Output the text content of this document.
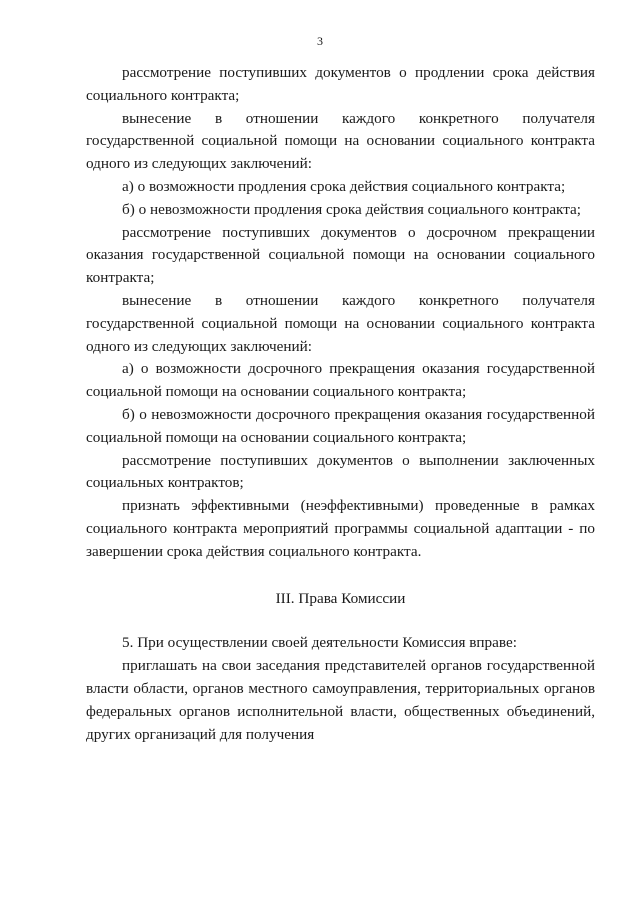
3

рассмотрение поступивших документов о продлении срока действия социального контракта;

вынесение в отношении каждого конкретного получателя государственной социальной помощи на основании социального контракта одного из следующих заключений:

а) о возможности продления срока действия социального контракта;

б) о невозможности продления срока действия социального контракта;

рассмотрение поступивших документов о досрочном прекращении оказания государственной социальной помощи на основании социального контракта;

вынесение в отношении каждого конкретного получателя государственной социальной помощи на основании социального контракта одного из следующих заключений:

а) о возможности досрочного прекращения оказания государственной социальной помощи на основании социального контракта;

б) о невозможности досрочного прекращения оказания государственной социальной помощи на основании социального контракта;

рассмотрение поступивших документов о выполнении заключенных социальных контрактов;

признать эффективными (неэффективными) проведенные в рамках социального контракта мероприятий программы социальной адаптации - по завершении срока действия социального контракта.

III. Права Комиссии

5. При осуществлении своей деятельности Комиссия вправе:

приглашать на свои заседания представителей органов государственной власти области, органов местного самоуправления, территориальных органов федеральных органов исполнительной власти, общественных объединений, других организаций для получения
